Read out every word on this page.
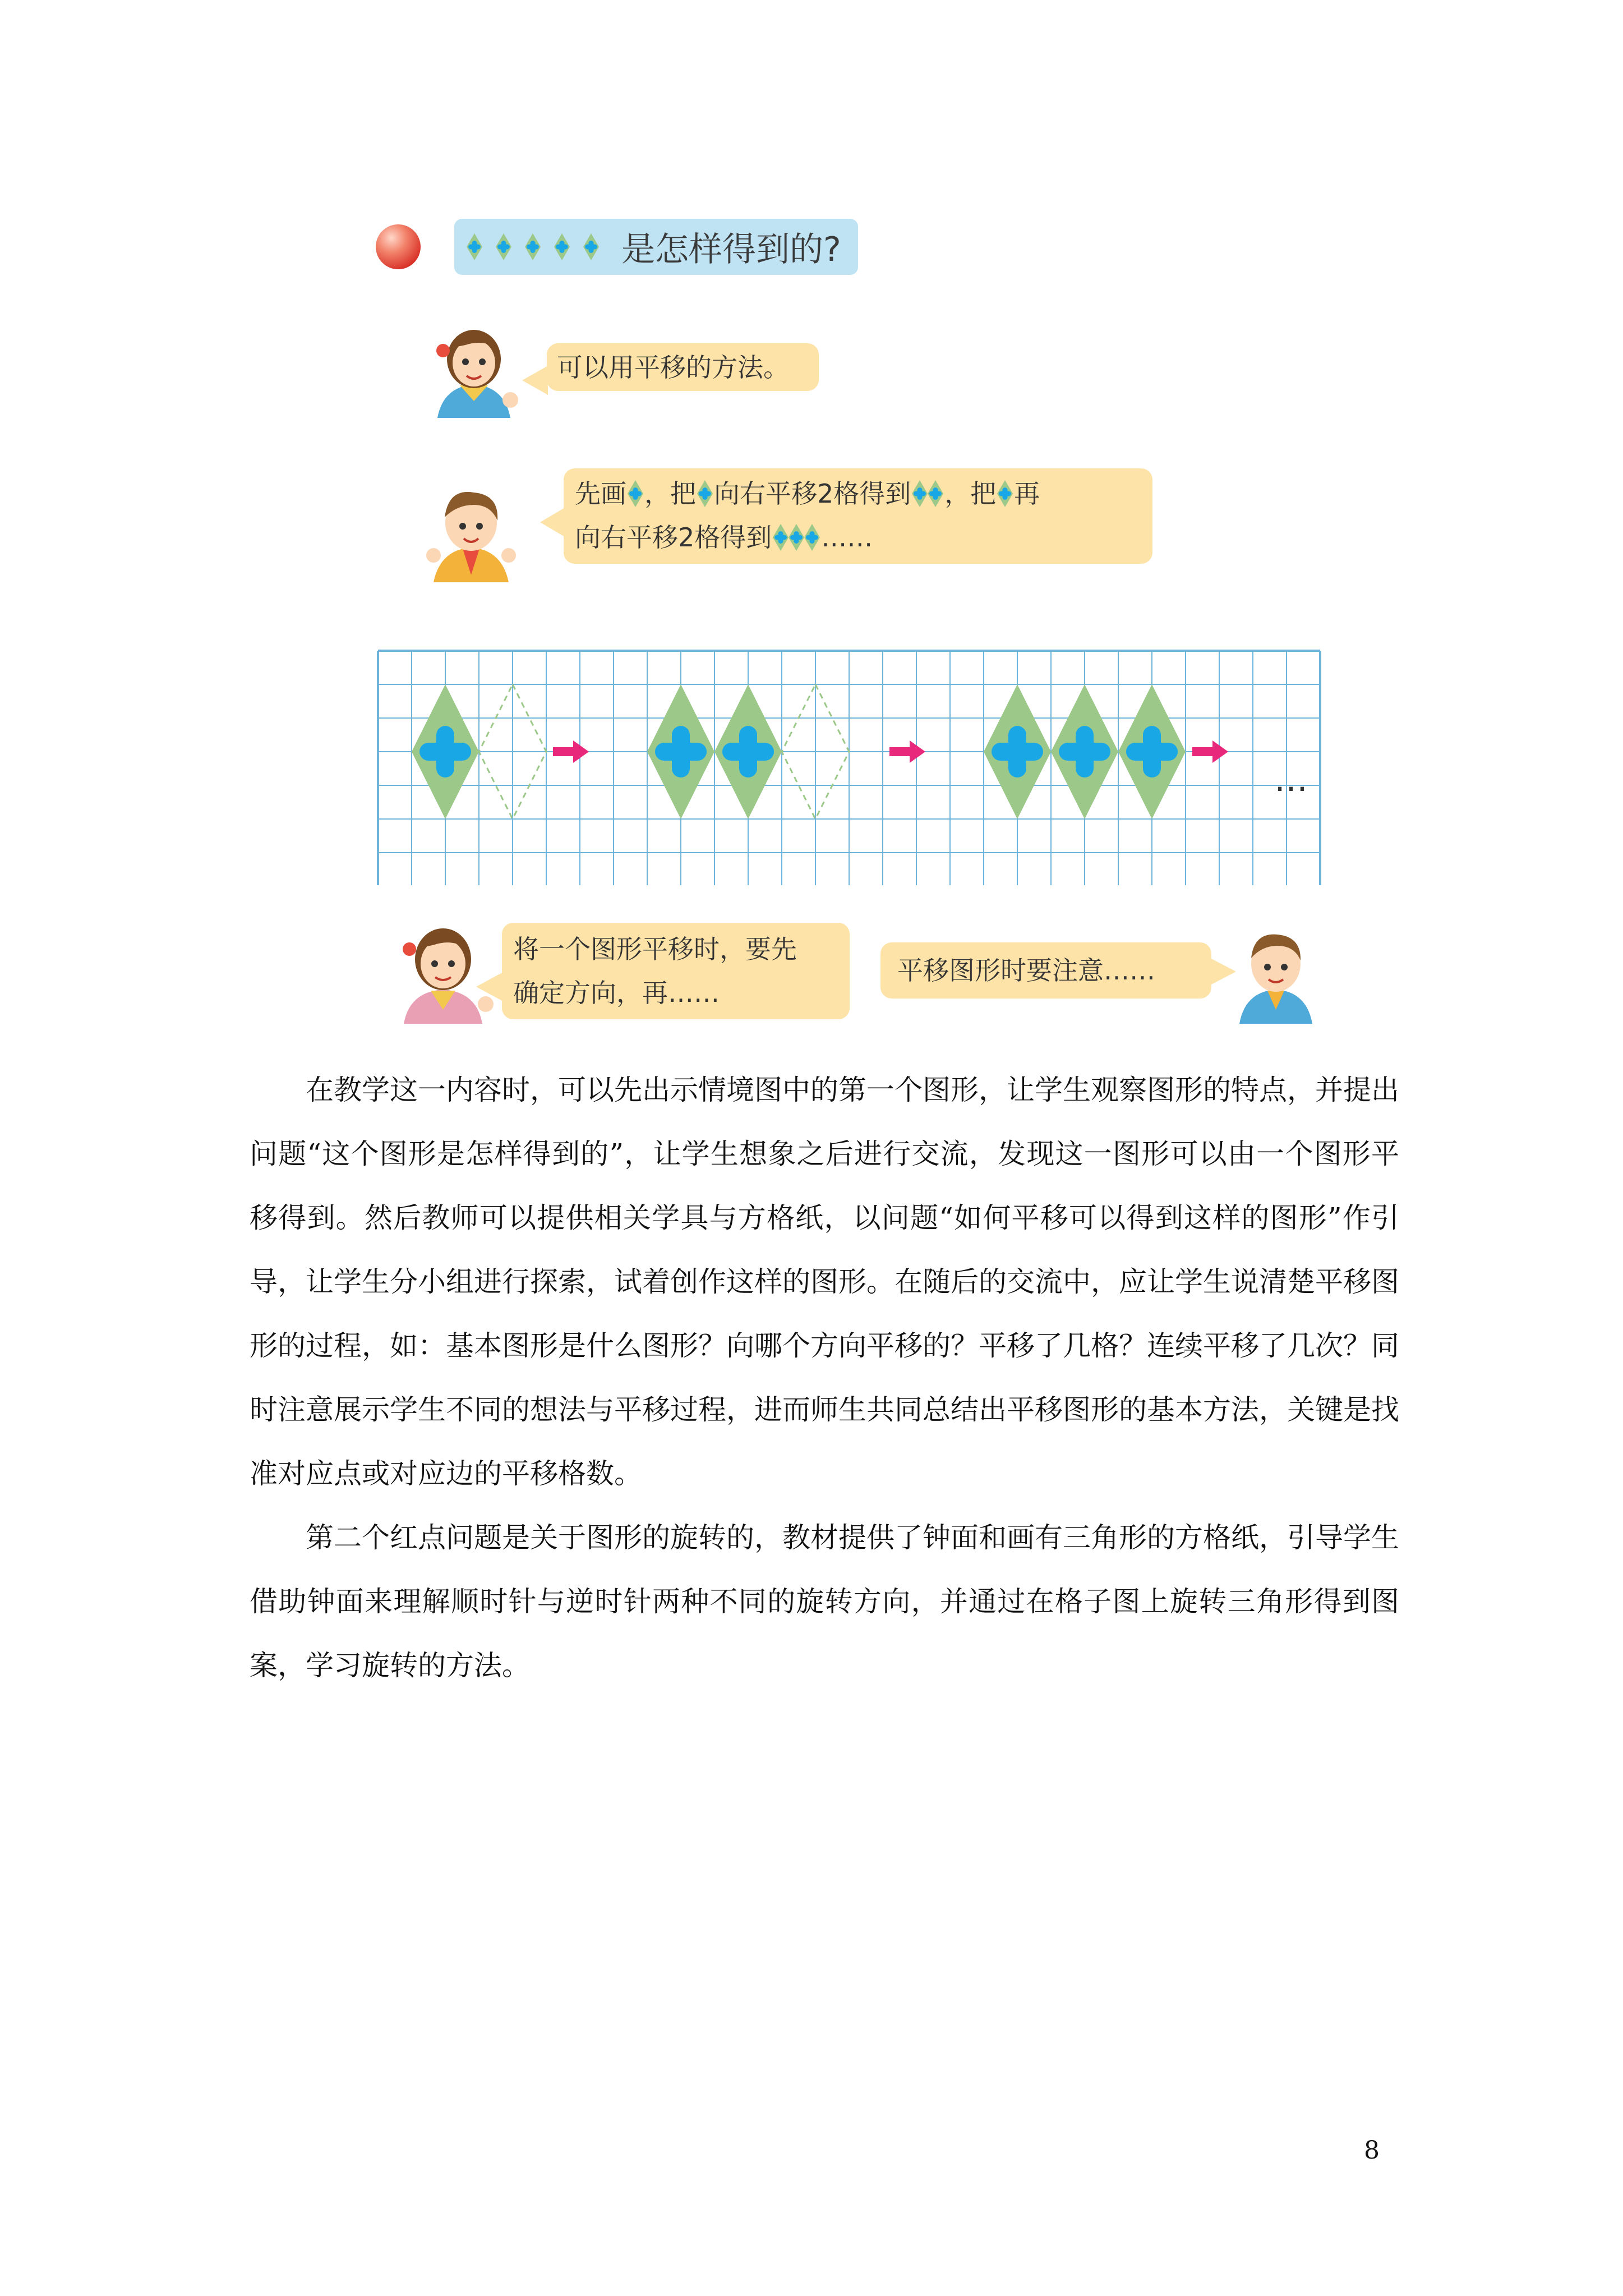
是怎样得到的?
可以用平移的方法。
先画 ，把 向右平移2格得到 ，把 再
向右平移2格得到 ……
…
将一个图形平移时，要先
确定方向，再……
平移图形时要注意……

在教学这一内容时，可以先出示情境图中的第一个图形，让学生观察图形的特点，并提出问题“这个图形是怎样得到的”，让学生想象之后进行交流，发现这一图形可以由一个图形平移得到。然后教师可以提供相关学具与方格纸，以问题“如何平移可以得到这样的图形”作引导，让学生分小组进行探索，试着创作这样的图形。在随后的交流中，应让学生说清楚平移图形的过程，如：基本图形是什么图形？向哪个方向平移的？平移了几格？连续平移了几次？同时注意展示学生不同的想法与平移过程，进而师生共同总结出平移图形的基本方法，关键是找准对应点或对应边的平移格数。

第二个红点问题是关于图形的旋转的，教材提供了钟面和画有三角形的方格纸，引导学生借助钟面来理解顺时针与逆时针两种不同的旋转方向，并通过在格子图上旋转三角形得到图案，学习旋转的方法。

8
